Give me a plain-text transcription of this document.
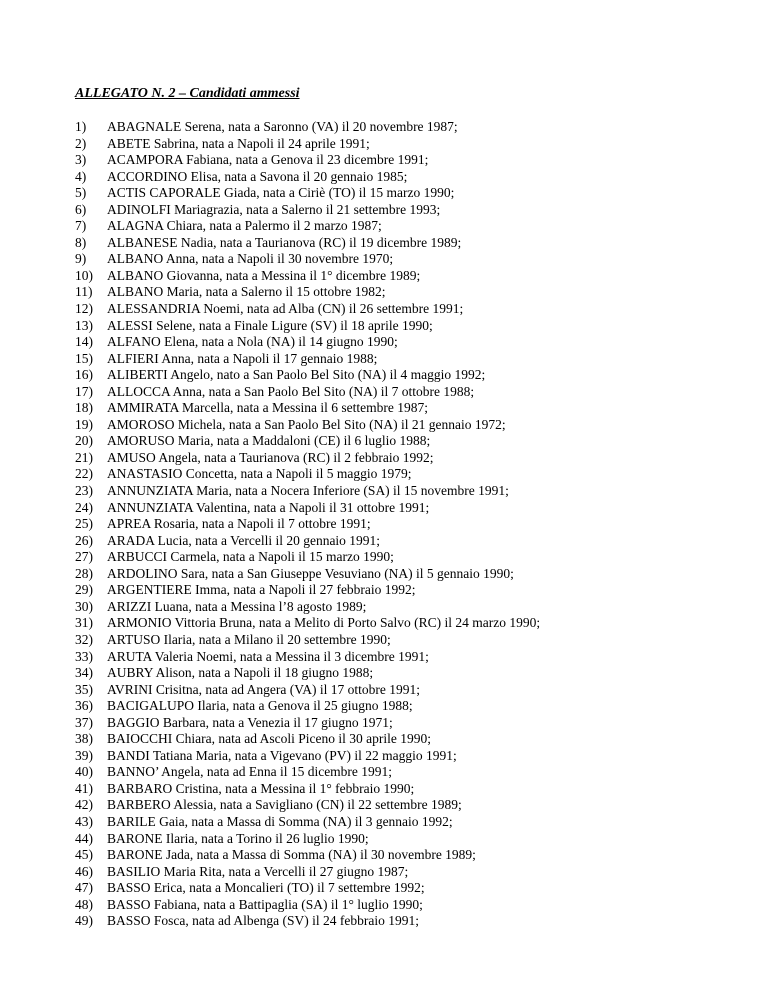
ALLEGATO N. 2 – Candidati ammessi
1) ABAGNALE Serena, nata a Saronno (VA) il 20 novembre 1987;
2) ABETE Sabrina, nata a Napoli il 24 aprile 1991;
3) ACAMPORA Fabiana, nata a Genova il 23 dicembre 1991;
4) ACCORDINO Elisa, nata a Savona il 20 gennaio 1985;
5) ACTIS CAPORALE Giada, nata a Ciriè (TO) il 15 marzo 1990;
6) ADINOLFI Mariagrazia, nata a Salerno il 21 settembre 1993;
7) ALAGNA Chiara, nata a Palermo il 2 marzo 1987;
8) ALBANESE Nadia, nata a Taurianova (RC) il 19 dicembre 1989;
9) ALBANO Anna, nata a Napoli il 30 novembre 1970;
10) ALBANO Giovanna, nata a Messina il 1° dicembre 1989;
11) ALBANO Maria, nata a Salerno il 15 ottobre 1982;
12) ALESSANDRIA Noemi, nata ad Alba (CN) il 26 settembre 1991;
13) ALESSI Selene, nata a Finale Ligure (SV) il 18 aprile 1990;
14) ALFANO Elena, nata a Nola (NA) il 14 giugno 1990;
15) ALFIERI Anna, nata a Napoli il 17 gennaio 1988;
16) ALIBERTI Angelo, nato a San Paolo Bel Sito (NA) il 4 maggio 1992;
17) ALLOCCA Anna, nata a San Paolo Bel Sito (NA) il 7 ottobre 1988;
18) AMMIRATA Marcella, nata a Messina il 6 settembre 1987;
19) AMOROSO Michela, nata a San Paolo Bel Sito (NA) il 21 gennaio 1972;
20) AMORUSO Maria, nata a Maddaloni (CE) il 6 luglio 1988;
21) AMUSO Angela, nata a Taurianova (RC) il 2 febbraio 1992;
22) ANASTASIO Concetta, nata a Napoli il 5 maggio 1979;
23) ANNUNZIATA Maria, nata a Nocera Inferiore (SA) il 15 novembre 1991;
24) ANNUNZIATA Valentina, nata a Napoli il 31 ottobre 1991;
25) APREA Rosaria, nata a Napoli il 7 ottobre 1991;
26) ARADA Lucia, nata a Vercelli il 20 gennaio 1991;
27) ARBUCCI Carmela, nata a Napoli il 15 marzo 1990;
28) ARDOLINO Sara, nata a San Giuseppe Vesuviano (NA) il 5 gennaio 1990;
29) ARGENTIERE Imma, nata a Napoli il 27 febbraio 1992;
30) ARIZZI Luana, nata a Messina l’8 agosto 1989;
31) ARMONIO Vittoria Bruna, nata a Melito di Porto Salvo (RC) il 24 marzo 1990;
32) ARTUSO Ilaria, nata a Milano il 20 settembre 1990;
33) ARUTA Valeria Noemi, nata a Messina il 3 dicembre 1991;
34) AUBRY Alison, nata a Napoli il 18 giugno 1988;
35) AVRINI Crisitna, nata ad Angera (VA) il 17 ottobre 1991;
36) BACIGALUPO Ilaria, nata a Genova il 25 giugno 1988;
37) BAGGIO Barbara, nata a Venezia il 17 giugno 1971;
38) BAIOCCHI Chiara, nata ad Ascoli Piceno il 30 aprile 1990;
39) BANDI Tatiana Maria, nata a Vigevano (PV) il 22 maggio 1991;
40) BANNO’ Angela, nata ad Enna il 15 dicembre 1991;
41) BARBARO Cristina, nata a Messina il 1° febbraio 1990;
42) BARBERO Alessia, nata a Savigliano (CN) il 22 settembre 1989;
43) BARILE Gaia, nata a Massa di Somma (NA) il 3 gennaio 1992;
44) BARONE Ilaria, nata a Torino il 26 luglio 1990;
45) BARONE Jada, nata a Massa di Somma (NA) il 30 novembre 1989;
46) BASILIO Maria Rita, nata a Vercelli il 27 giugno 1987;
47) BASSO Erica, nata a Moncalieri (TO) il 7 settembre 1992;
48) BASSO Fabiana, nata a Battipaglia (SA) il 1° luglio 1990;
49) BASSO Fosca, nata ad Albenga (SV) il 24 febbraio 1991;
